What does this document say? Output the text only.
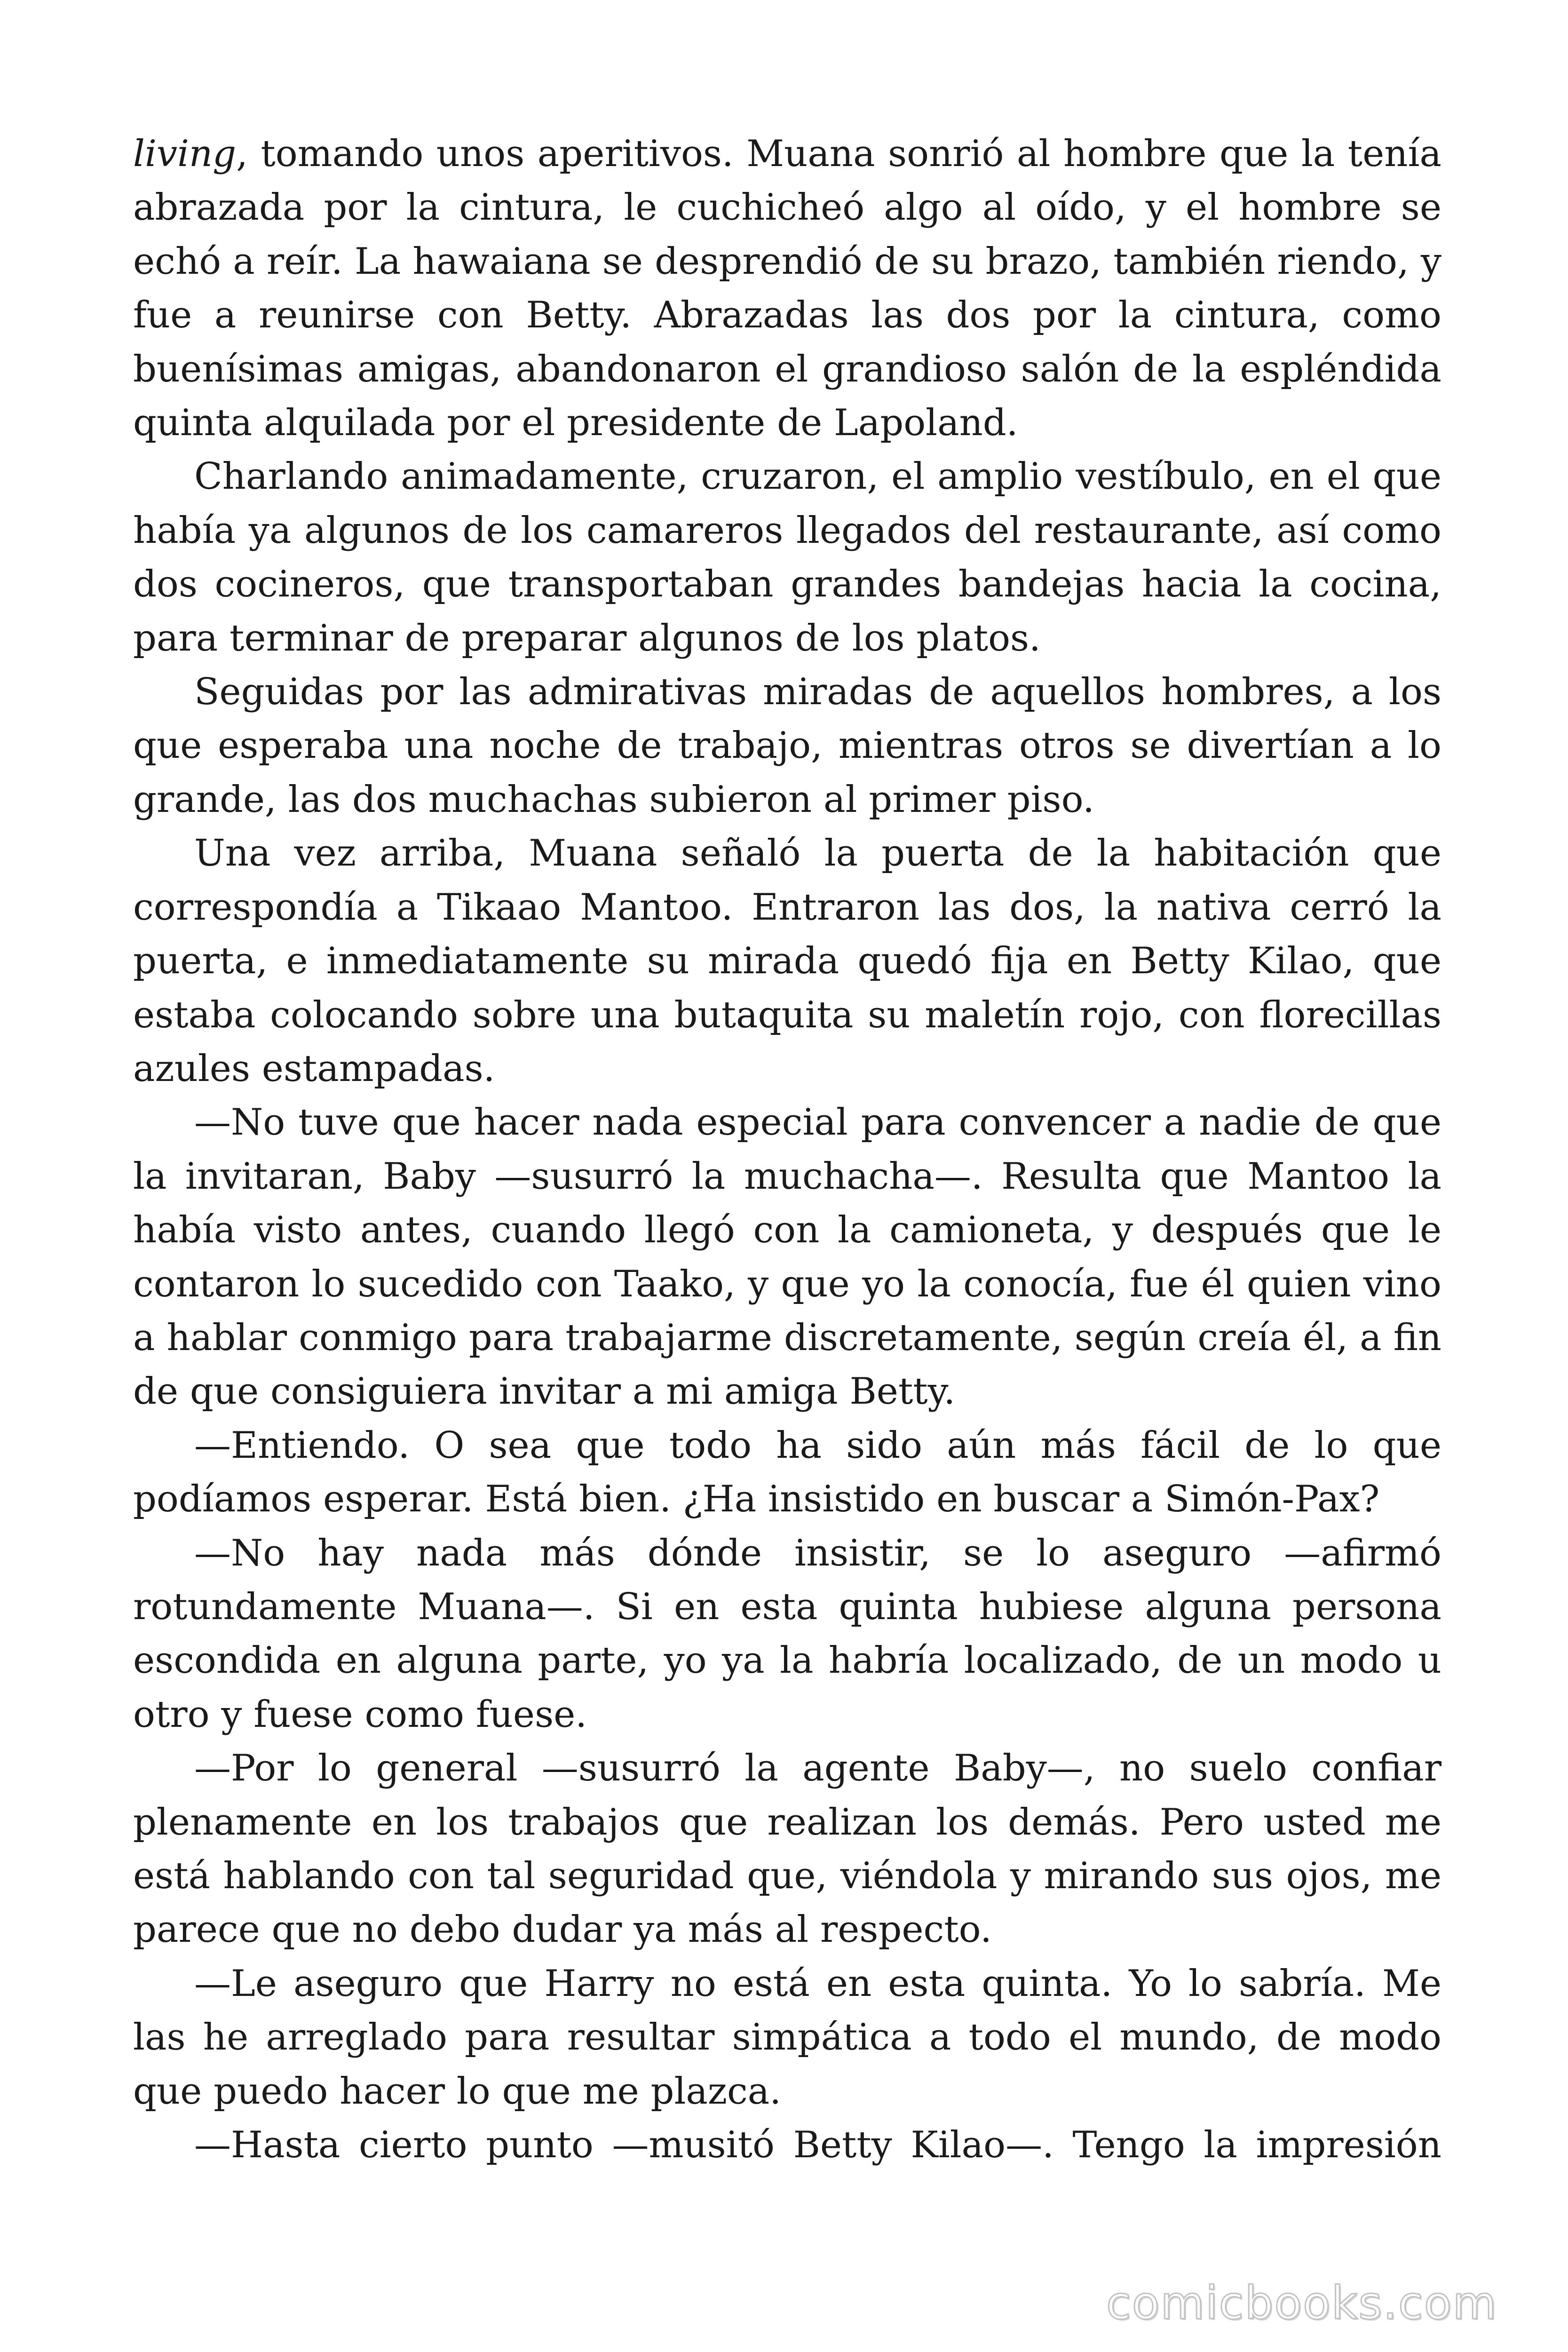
living, tomando unos aperitivos. Muana sonrió al hombre que la tenía abrazada por la cintura, le cuchicheó algo al oído, y el hombre se echó a reír. La hawaiana se desprendió de su brazo, también riendo, y fue a reunirse con Betty. Abrazadas las dos por la cintura, como buenísimas amigas, abandonaron el grandioso salón de la espléndida quinta alquilada por el presidente de Lapoland.

Charlando animadamente, cruzaron, el amplio vestíbulo, en el que había ya algunos de los camareros llegados del restaurante, así como dos cocineros, que transportaban grandes bandejas hacia la cocina, para terminar de preparar algunos de los platos.

Seguidas por las admirativas miradas de aquellos hombres, a los que esperaba una noche de trabajo, mientras otros se divertían a lo grande, las dos muchachas subieron al primer piso.

Una vez arriba, Muana señaló la puerta de la habitación que correspondía a Tikaao Mantoo. Entraron las dos, la nativa cerró la puerta, e inmediatamente su mirada quedó fija en Betty Kilao, que estaba colocando sobre una butaquita su maletín rojo, con florecillas azules estampadas.

—No tuve que hacer nada especial para convencer a nadie de que la invitaran, Baby —susurró la muchacha—. Resulta que Mantoo la había visto antes, cuando llegó con la camioneta, y después que le contaron lo sucedido con Taako, y que yo la conocía, fue él quien vino a hablar conmigo para trabajarme discretamente, según creía él, a fin de que consiguiera invitar a mi amiga Betty.

—Entiendo. O sea que todo ha sido aún más fácil de lo que podíamos esperar. Está bien. ¿Ha insistido en buscar a Simón-Pax?

—No hay nada más dónde insistir, se lo aseguro —afirmó rotundamente Muana—. Si en esta quinta hubiese alguna persona escondida en alguna parte, yo ya la habría localizado, de un modo u otro y fuese como fuese.

—Por lo general —susurró la agente Baby—, no suelo confiar plenamente en los trabajos que realizan los demás. Pero usted me está hablando con tal seguridad que, viéndola y mirando sus ojos, me parece que no debo dudar ya más al respecto.

—Le aseguro que Harry no está en esta quinta. Yo lo sabría. Me las he arreglado para resultar simpática a todo el mundo, de modo que puedo hacer lo que me plazca.

—Hasta cierto punto —musitó Betty Kilao—. Tengo la impresión

comicbooks.com
